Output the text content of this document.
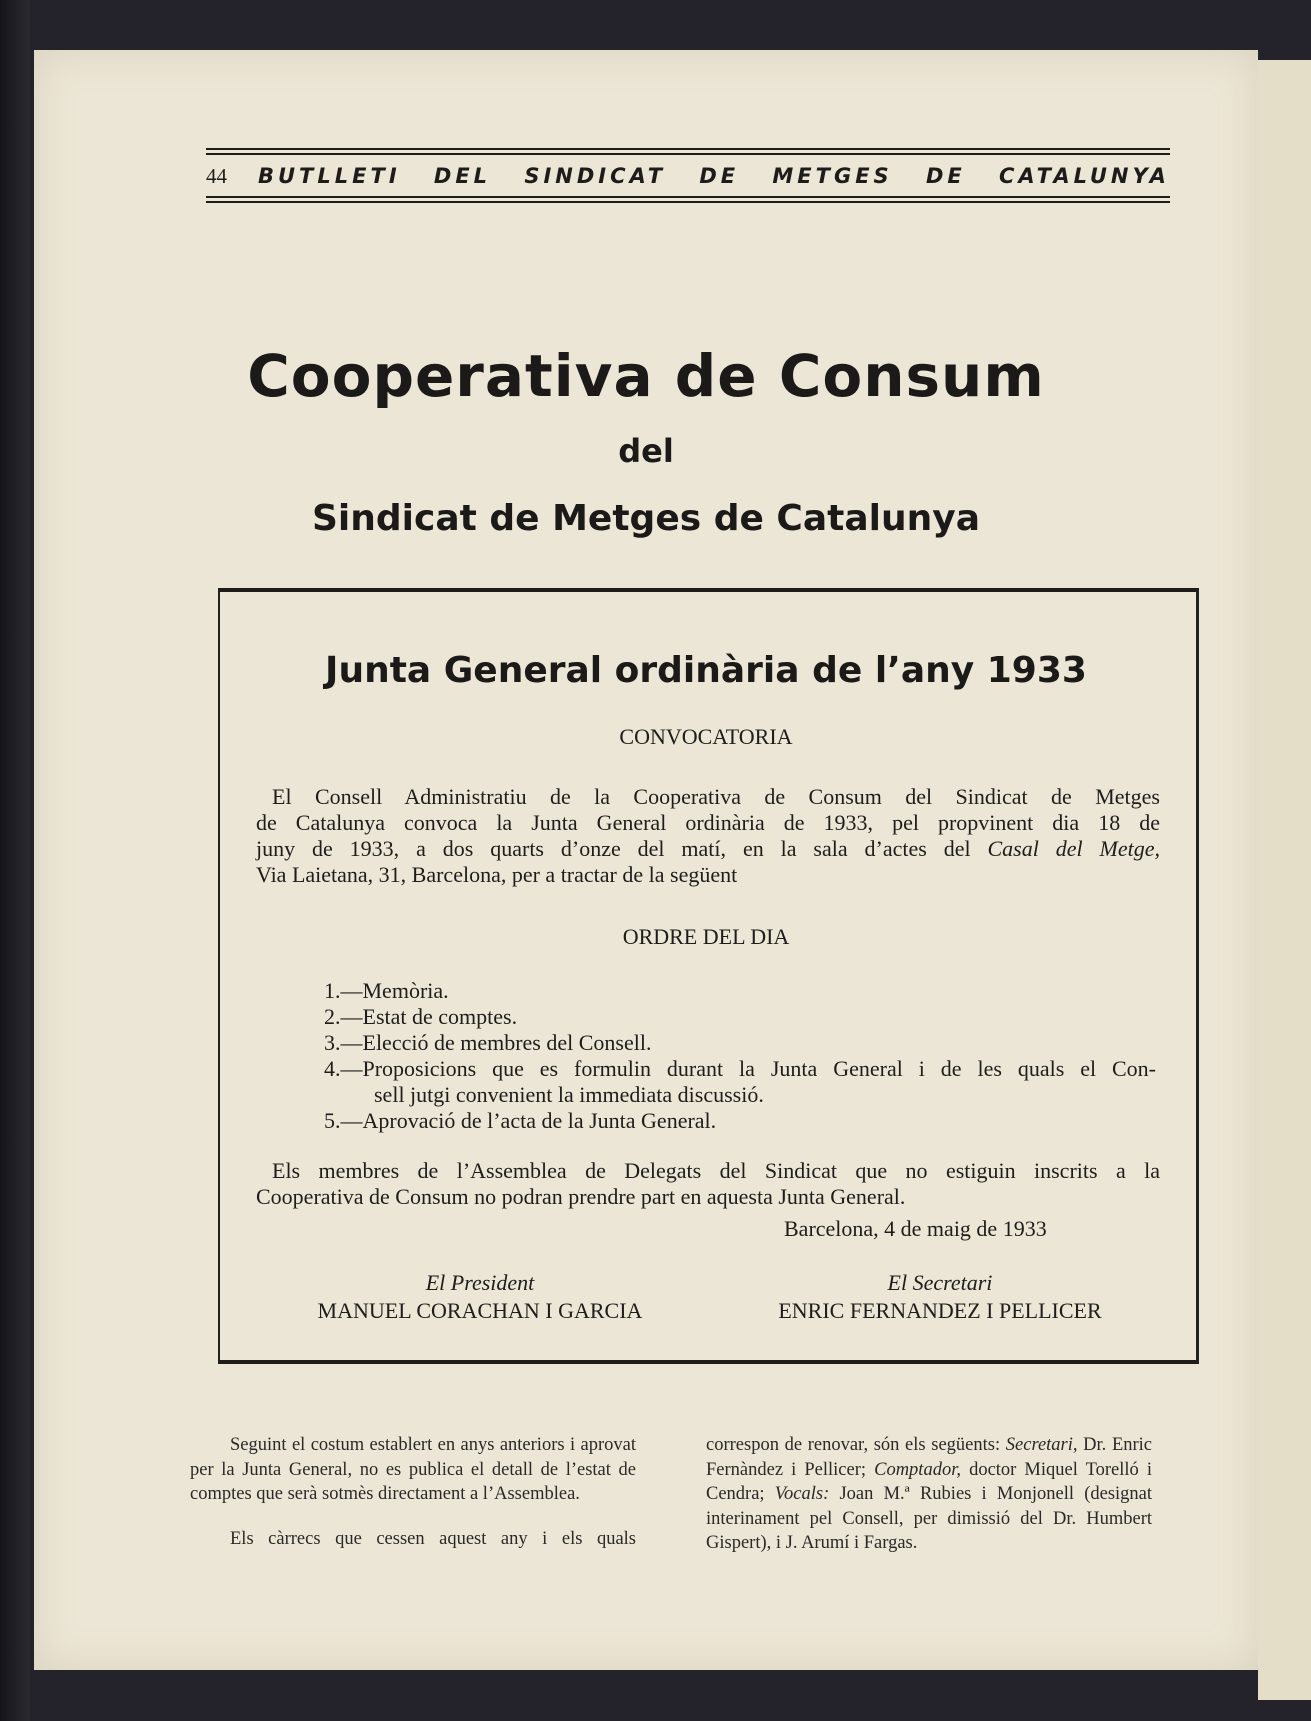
44	BUTLLETI DEL SINDICAT DE METGES DE CATALUNYA
Cooperativa de Consum
del
Sindicat de Metges de Catalunya
Junta General ordinària de l’any 1933
CONVOCATORIA
El Consell Administratiu de la Cooperativa de Consum del Sindicat de Metges
de Catalunya convoca la Junta General ordinària de 1933, pel propvinent dia 18 de
juny de 1933, a dos quarts d’onze del matí, en la sala d’actes del Casal del Metge,
Via Laietana, 31, Barcelona, per a tractar de la següent
ORDRE DEL DIA
1.—Memòria.
2.—Estat de comptes.
3.—Elecció de membres del Consell.
4.—Proposicions que es formulin durant la Junta General i de les quals el Con-
sell jutgi convenient la immediata discussió.
5.—Aprovació de l’acta de la Junta General.
Els membres de l’Assemblea de Delegats del Sindicat que no estiguin inscrits a la
Cooperativa de Consum no podran prendre part en aquesta Junta General.
Barcelona, 4 de maig de 1933
El President
MANUEL CORACHAN I GARCIA
El Secretari
ENRIC FERNANDEZ I PELLICER

Seguint el costum establert en anys anteriors i aprovat per la Junta General, no es publica el detall de l’estat de comptes que serà sotmès directament a l’Assemblea.

Els càrrecs que cessen aquest any i els quals

correspon de renovar, són els següents: Secretari, Dr. Enric Fernàndez i Pellicer; Comptador, doctor Miquel Torelló i Cendra; Vocals: Joan M.ª Rubies i Monjonell (designat interinament pel Consell, per dimissió del Dr. Humbert Gispert), i J. Arumí i Fargas.
